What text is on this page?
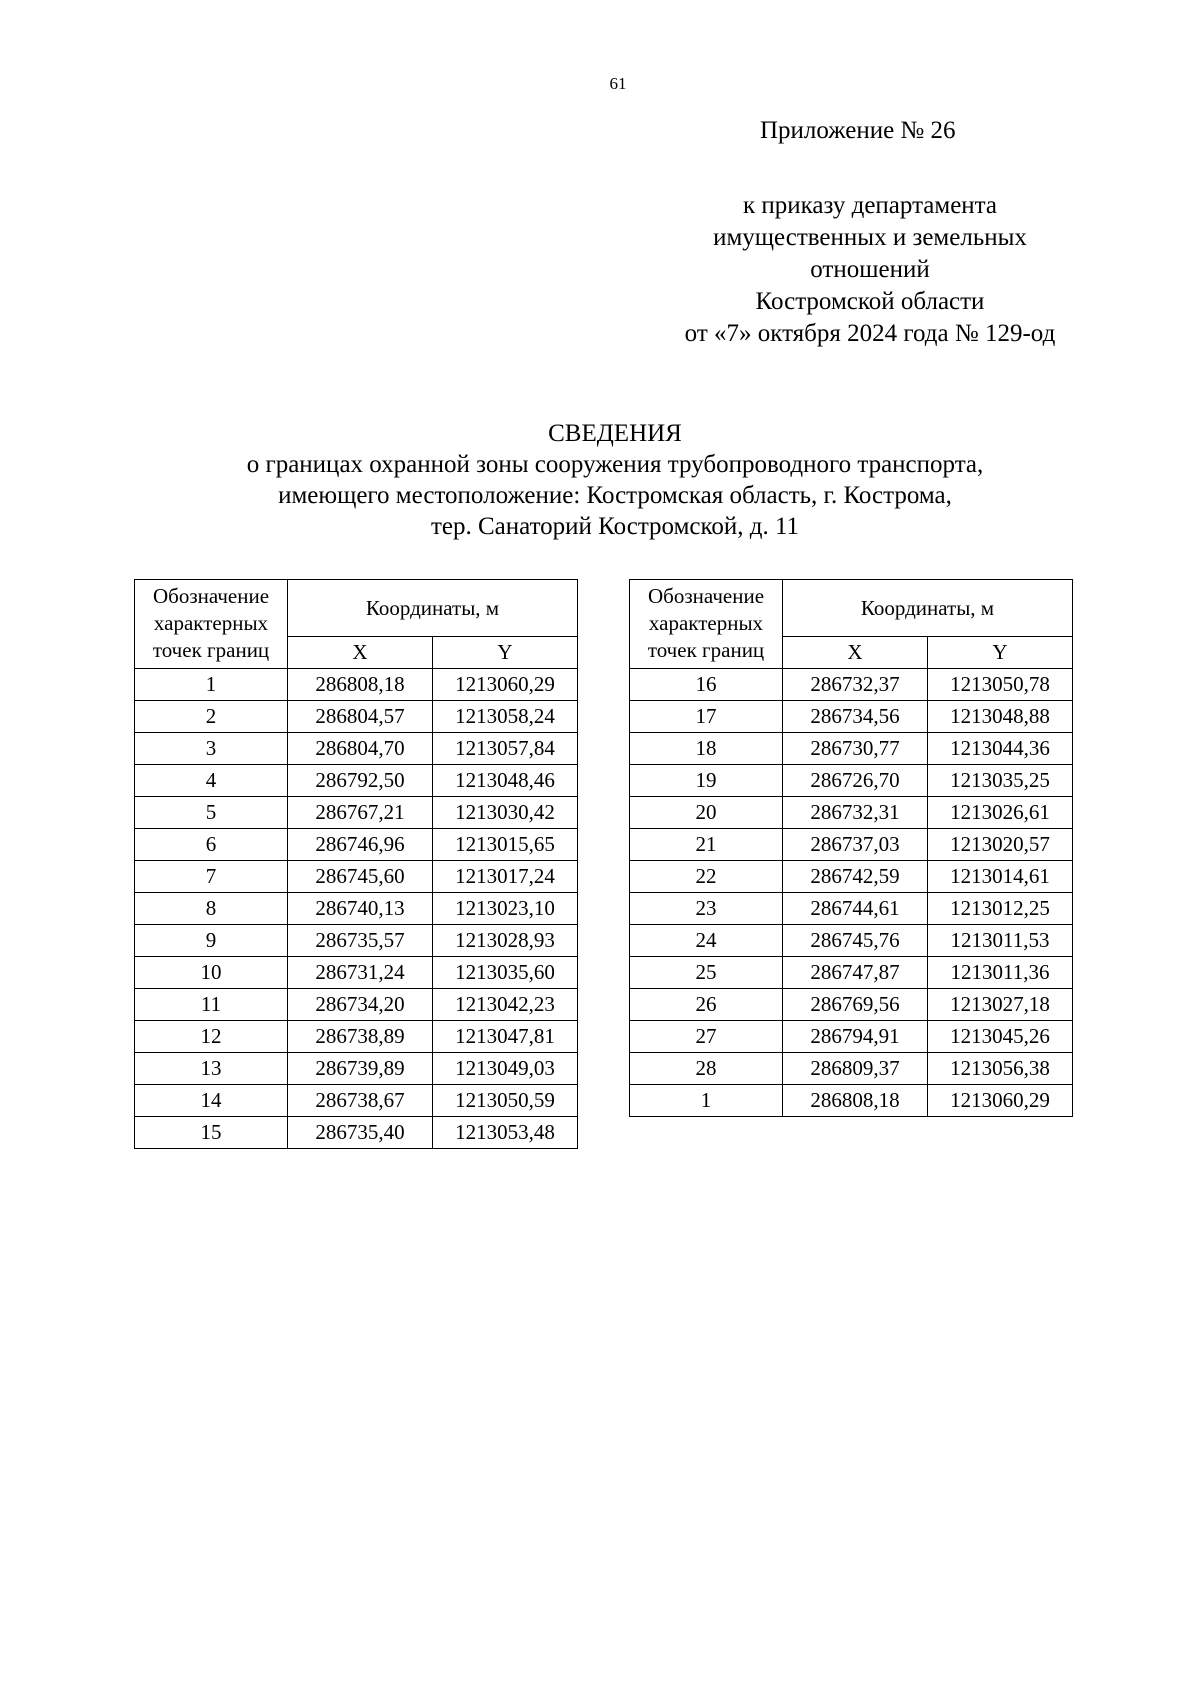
61
Приложение № 26
к приказу департамента
имущественных и земельных
отношений
Костромской области
от «7» октября 2024 года № 129-од
СВЕДЕНИЯ
о границах охранной зоны сооружения трубопроводного транспорта,
имеющего местоположение: Костромская область, г. Кострома,
тер. Санаторий Костромской, д. 11
Обозначение
характерных
точек границ	Координаты, м	
	X	Y
1	286808,18	1213060,29
2	286804,57	1213058,24
3	286804,70	1213057,84
4	286792,50	1213048,46
5	286767,21	1213030,42
6	286746,96	1213015,65
7	286745,60	1213017,24
8	286740,13	1213023,10
9	286735,57	1213028,93
10	286731,24	1213035,60
11	286734,20	1213042,23
12	286738,89	1213047,81
13	286739,89	1213049,03
14	286738,67	1213050,59
15	286735,40	1213053,48
Обозначение
характерных
точек границ	Координаты, м	
	X	Y
16	286732,37	1213050,78
17	286734,56	1213048,88
18	286730,77	1213044,36
19	286726,70	1213035,25
20	286732,31	1213026,61
21	286737,03	1213020,57
22	286742,59	1213014,61
23	286744,61	1213012,25
24	286745,76	1213011,53
25	286747,87	1213011,36
26	286769,56	1213027,18
27	286794,91	1213045,26
28	286809,37	1213056,38
1	286808,18	1213060,29
